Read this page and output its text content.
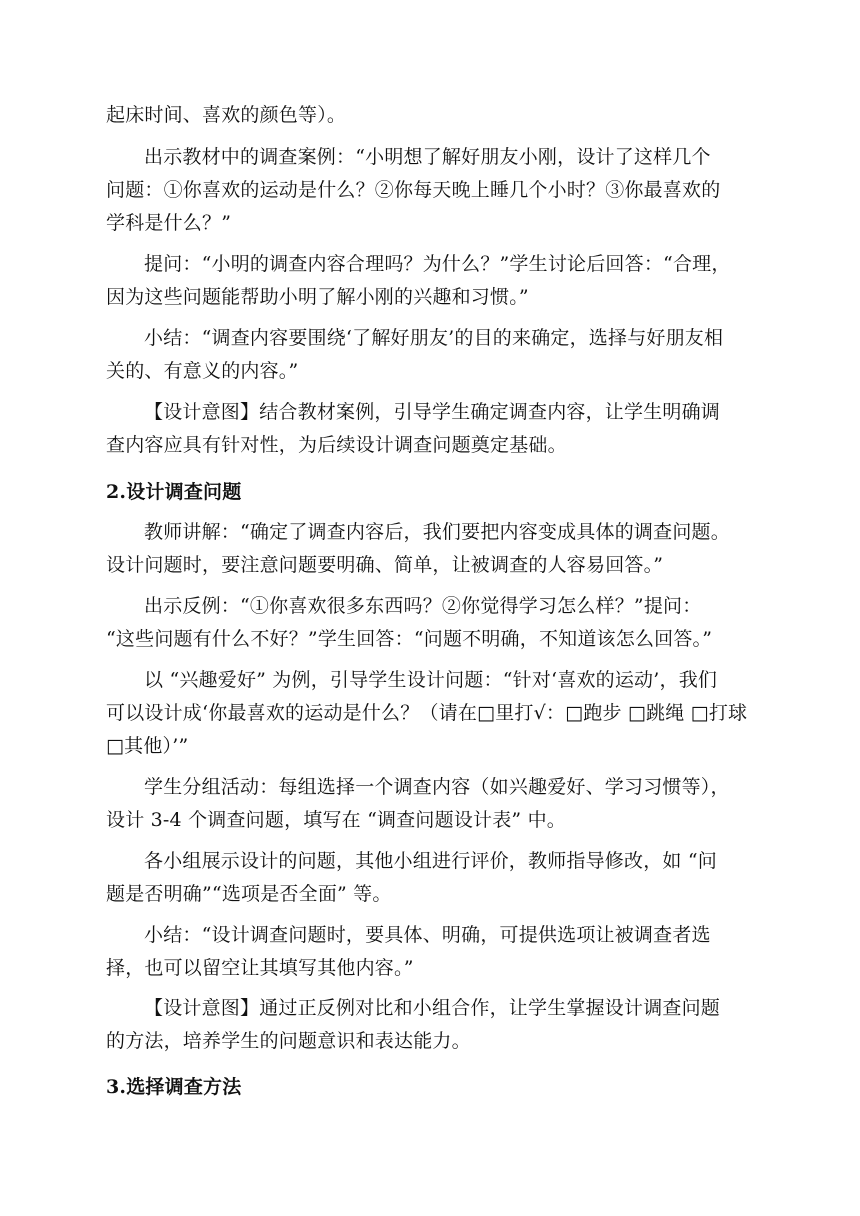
起床时间、喜欢的颜色等）。
出示教材中的调查案例：“小明想了解好朋友小刚，设计了这样几个
问题：①你喜欢的运动是什么？②你每天晚上睡几个小时？③你最喜欢的
学科是什么？”
提问：“小明的调查内容合理吗？为什么？”学生讨论后回答：“合理，
因为这些问题能帮助小明了解小刚的兴趣和习惯。”
小结：“调查内容要围绕‘了解好朋友’的目的来确定，选择与好朋友相
关的、有意义的内容。”
【设计意图】结合教材案例，引导学生确定调查内容，让学生明确调
查内容应具有针对性，为后续设计调查问题奠定基础。
2.设计调查问题
教师讲解：“确定了调查内容后，我们要把内容变成具体的调查问题。
设计问题时，要注意问题要明确、简单，让被调查的人容易回答。”
出示反例：“①你喜欢很多东西吗？②你觉得学习怎么样？”提问：
“这些问题有什么不好？”学生回答：“问题不明确，不知道该怎么回答。”
以 “兴趣爱好” 为例，引导学生设计问题：“针对‘喜欢的运动’，我们
可以设计成‘你最喜欢的运动是什么？（请在□里打√：□跑步 □跳绳 □打球
□其他）’”
学生分组活动：每组选择一个调查内容（如兴趣爱好、学习习惯等），
设计 3-4 个调查问题，填写在 “调查问题设计表” 中。
各小组展示设计的问题，其他小组进行评价，教师指导修改，如 “问
题是否明确”“选项是否全面” 等。
小结：“设计调查问题时，要具体、明确，可提供选项让被调查者选
择，也可以留空让其填写其他内容。”
【设计意图】通过正反例对比和小组合作，让学生掌握设计调查问题
的方法，培养学生的问题意识和表达能力。
3.选择调查方法
